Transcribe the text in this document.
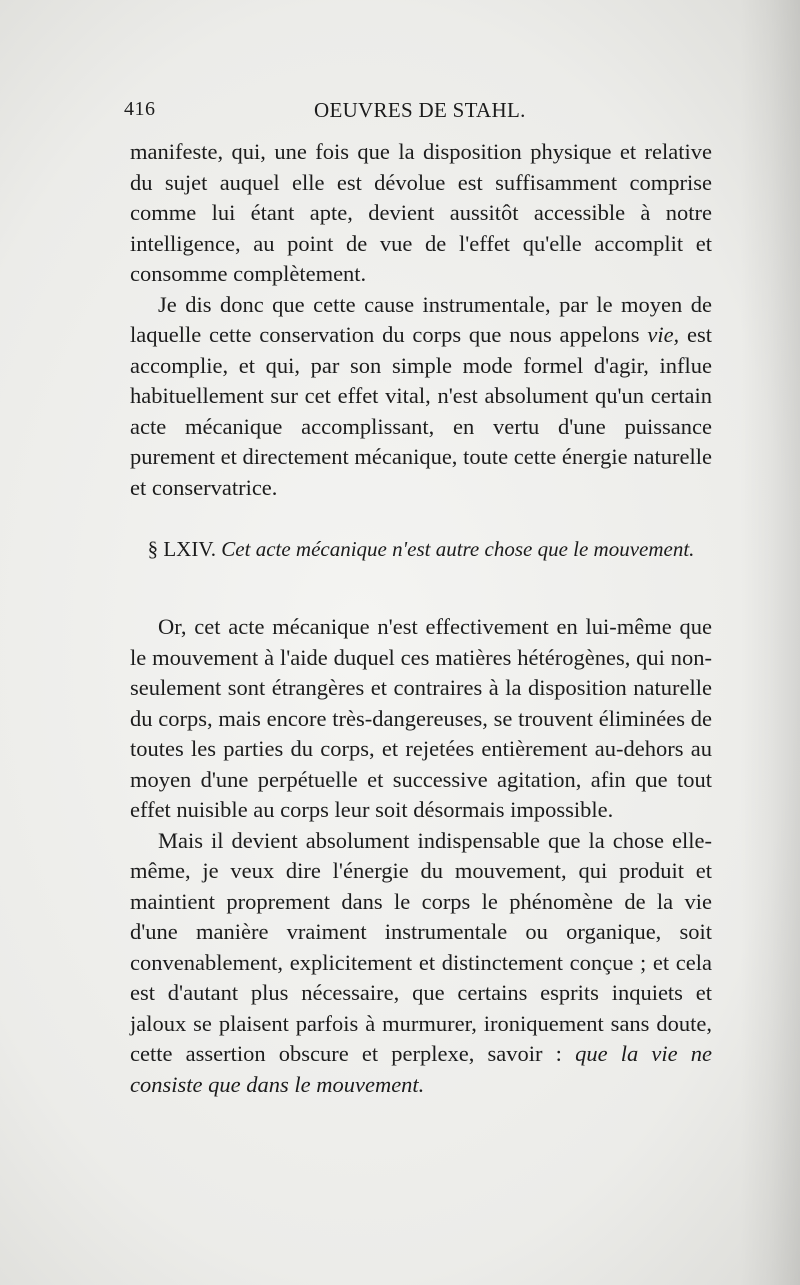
416	OEUVRES DE STAHL.

manifeste, qui, une fois que la disposition physique et relative du sujet auquel elle est dévolue est suffisamment comprise comme lui étant apte, devient aussitôt accessible à notre intelligence, au point de vue de l'effet qu'elle accomplit et consomme complètement.

Je dis donc que cette cause instrumentale, par le moyen de laquelle cette conservation du corps que nous appelons vie, est accomplie, et qui, par son simple mode formel d'agir, influe habituellement sur cet effet vital, n'est absolument qu'un certain acte mécanique accomplissant, en vertu d'une puissance purement et directement mécanique, toute cette énergie naturelle et conservatrice.

§ LXIV. Cet acte mécanique n'est autre chose que le mouvement.

Or, cet acte mécanique n'est effectivement en lui-même que le mouvement à l'aide duquel ces matières hétérogènes, qui non-seulement sont étrangères et contraires à la disposition naturelle du corps, mais encore très-dangereuses, se trouvent éliminées de toutes les parties du corps, et rejetées entièrement au-dehors au moyen d'une perpétuelle et successive agitation, afin que tout effet nuisible au corps leur soit désormais impossible.

Mais il devient absolument indispensable que la chose elle-même, je veux dire l'énergie du mouvement, qui produit et maintient proprement dans le corps le phénomène de la vie d'une manière vraiment instrumentale ou organique, soit convenablement, explicitement et distinctement conçue ; et cela est d'autant plus nécessaire, que certains esprits inquiets et jaloux se plaisent parfois à murmurer, ironiquement sans doute, cette assertion obscure et perplexe, savoir : que la vie ne consiste que dans le mouvement.
